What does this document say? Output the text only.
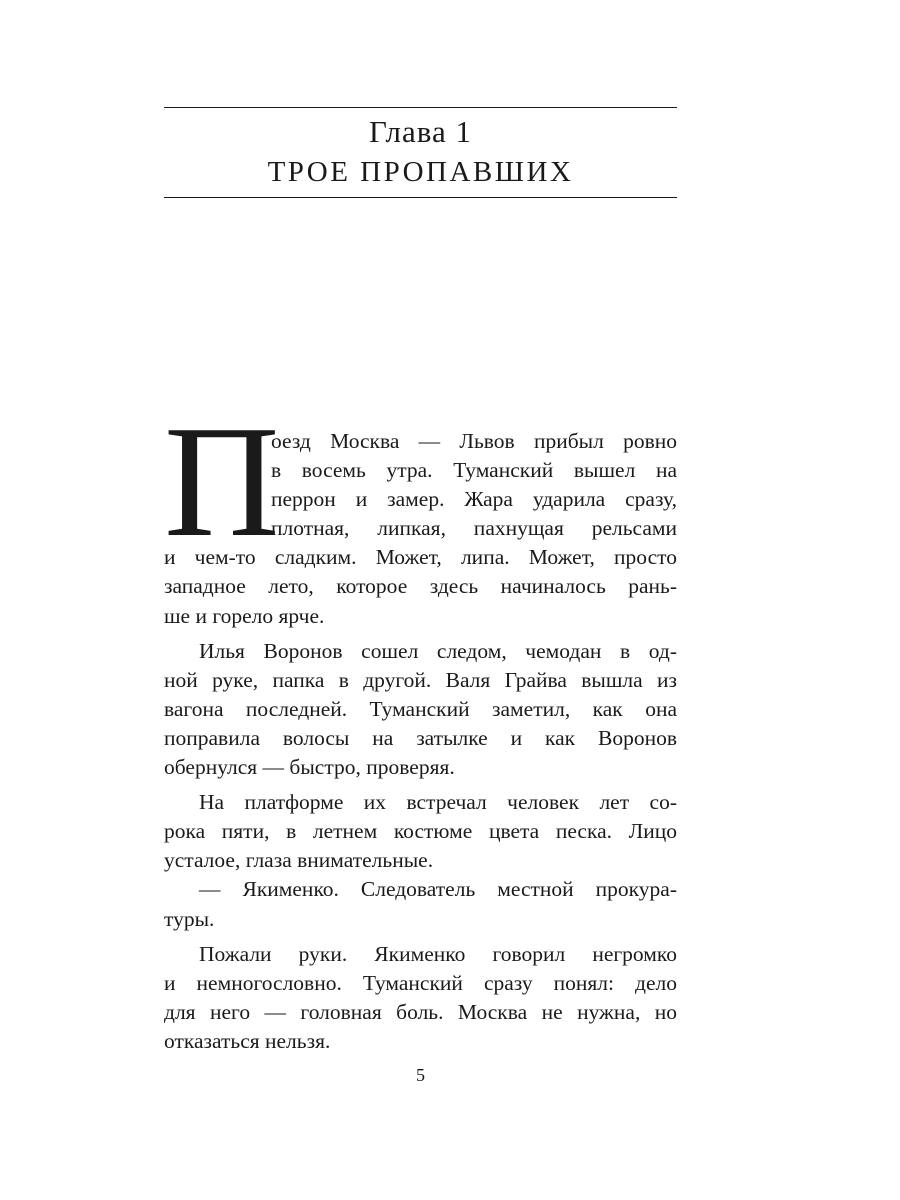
Глава 1
ТРОЕ ПРОПАВШИХ
П
оезд Москва — Львов прибыл ровно
в восемь утра. Туманский вышел на
перрон и замер. Жара ударила сразу,
плотная, липкая, пахнущая рельсами
и чем-то сладким. Может, липа. Может, просто
западное лето, которое здесь начиналось рань-
ше и горело ярче.
Илья Воронов сошел следом, чемодан в од-
ной руке, папка в другой. Валя Грайва вышла из
вагона последней. Туманский заметил, как она
поправила волосы на затылке и как Воронов
обернулся — быстро, проверяя.
На платформе их встречал человек лет со-
рока пяти, в летнем костюме цвета песка. Лицо
усталое, глаза внимательные.
— Якименко. Следователь местной прокура-
туры.
Пожали руки. Якименко говорил негромко
и немногословно. Туманский сразу понял: дело
для него — головная боль. Москва не нужна, но
отказаться нельзя.
5
